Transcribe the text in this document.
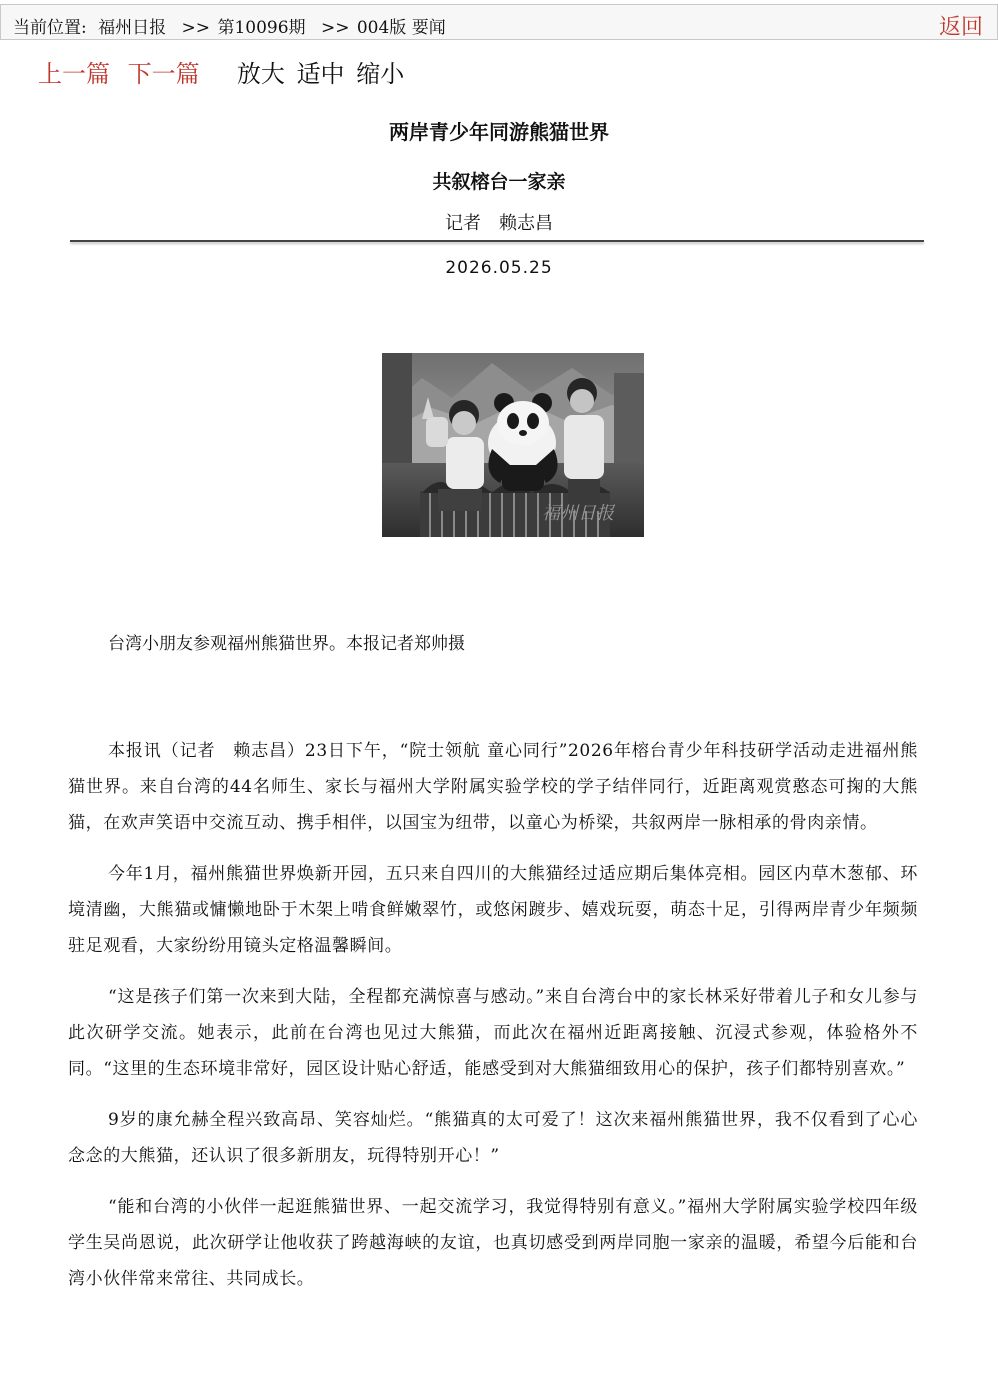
当前位置: 福州日报 >> 第10096期 >> 004版 要闻	返回
上一篇 下一篇 放大 适中 缩小
两岸青少年同游熊猫世界
共叙榕台一家亲
记者 赖志昌
2026.05.25
福州日报
台湾小朋友参观福州熊猫世界。本报记者郑帅摄

本报讯（记者　赖志昌）23日下午，“院士领航 童心同行”2026年榕台青少年科技研学活动走进福州熊猫世界。来自台湾的44名师生、家长与福州大学附属实验学校的学子结伴同行，近距离观赏憨态可掬的大熊猫，在欢声笑语中交流互动、携手相伴，以国宝为纽带，以童心为桥梁，共叙两岸一脉相承的骨肉亲情。

今年1月，福州熊猫世界焕新开园，五只来自四川的大熊猫经过适应期后集体亮相。园区内草木葱郁、环境清幽，大熊猫或慵懒地卧于木架上啃食鲜嫩翠竹，或悠闲踱步、嬉戏玩耍，萌态十足，引得两岸青少年频频驻足观看，大家纷纷用镜头定格温馨瞬间。

“这是孩子们第一次来到大陆，全程都充满惊喜与感动。”来自台湾台中的家长林采好带着儿子和女儿参与此次研学交流。她表示，此前在台湾也见过大熊猫，而此次在福州近距离接触、沉浸式参观，体验格外不同。“这里的生态环境非常好，园区设计贴心舒适，能感受到对大熊猫细致用心的保护，孩子们都特别喜欢。”

9岁的康允赫全程兴致高昂、笑容灿烂。“熊猫真的太可爱了！这次来福州熊猫世界，我不仅看到了心心念念的大熊猫，还认识了很多新朋友，玩得特别开心！”

“能和台湾的小伙伴一起逛熊猫世界、一起交流学习，我觉得特别有意义。”福州大学附属实验学校四年级学生吴尚恩说，此次研学让他收获了跨越海峡的友谊，也真切感受到两岸同胞一家亲的温暖，希望今后能和台湾小伙伴常来常往、共同成长。
